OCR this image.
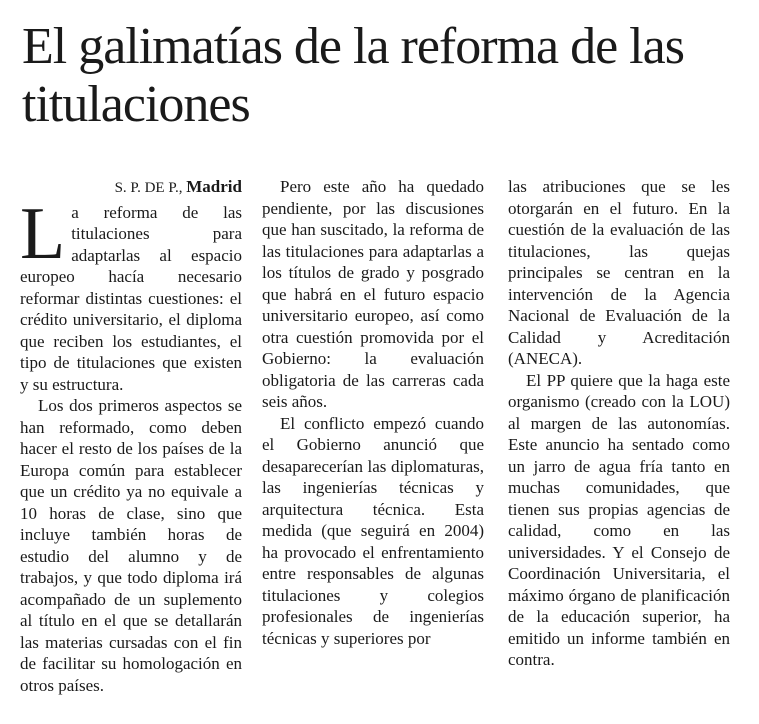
El galimatías de la reforma de las titulaciones
S. P. DE P., Madrid

La reforma de las titulaciones para adaptarlas al espacio europeo hacía necesario reformar distintas cuestiones: el crédito universitario, el diploma que reciben los estudiantes, el tipo de titulaciones que existen y su estructura.

Los dos primeros aspectos se han reformado, como deben hacer el resto de los países de la Europa común para establecer que un crédito ya no equivale a 10 horas de clase, sino que incluye también horas de estudio del alumno y de trabajos, y que todo diploma irá acompañado de un suplemento al título en el que se detallarán las materias cursadas con el fin de facilitar su homologación en otros países.

Pero este año ha quedado pendiente, por las discusiones que han suscitado, la reforma de las titulaciones para adaptarlas a los títulos de grado y posgrado que habrá en el futuro espacio universitario europeo, así como otra cuestión promovida por el Gobierno: la evaluación obligatoria de las carreras cada seis años.

El conflicto empezó cuando el Gobierno anunció que desaparecerían las diplomaturas, las ingenierías técnicas y arquitectura técnica. Esta medida (que seguirá en 2004) ha provocado el enfrentamiento entre responsables de algunas titulaciones y colegios profesionales de ingenierías técnicas y superiores por

las atribuciones que se les otorgarán en el futuro. En la cuestión de la evaluación de las titulaciones, las quejas principales se centran en la intervención de la Agencia Nacional de Evaluación de la Calidad y Acreditación (ANECA).

El PP quiere que la haga este organismo (creado con la LOU) al margen de las autonomías. Este anuncio ha sentado como un jarro de agua fría tanto en muchas comunidades, que tienen sus propias agencias de calidad, como en las universidades. Y el Consejo de Coordinación Universitaria, el máximo órgano de planificación de la educación superior, ha emitido un informe también en contra.
